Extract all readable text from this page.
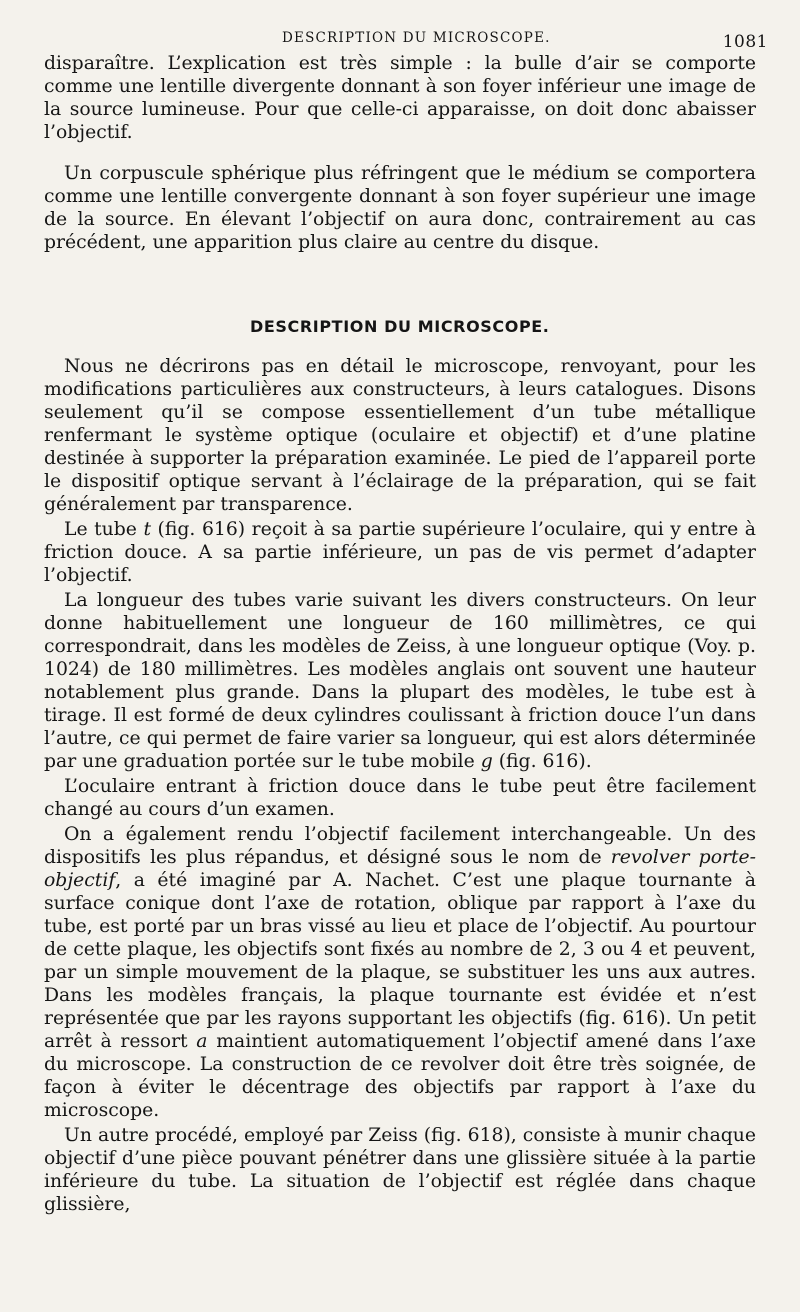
DESCRIPTION DU MICROSCOPE.	1081

disparaître. L’explication est très simple : la bulle d’air se comporte comme une lentille divergente donnant à son foyer inférieur une image de la source lumineuse. Pour que celle-ci apparaisse, on doit donc abaisser l’objectif.

Un corpuscule sphérique plus réfringent que le médium se comportera comme une lentille convergente donnant à son foyer supérieur une image de la source. En élevant l’objectif on aura donc, contrairement au cas précédent, une apparition plus claire au centre du disque.

DESCRIPTION DU MICROSCOPE.

Nous ne décrirons pas en détail le microscope, renvoyant, pour les modifications particulières aux constructeurs, à leurs catalogues. Disons seulement qu’il se compose essentiellement d’un tube métallique renfermant le système optique (oculaire et objectif) et d’une platine destinée à supporter la préparation examinée. Le pied de l’appareil porte le dispositif optique servant à l’éclairage de la préparation, qui se fait généralement par transparence.

Le tube t (fig. 616) reçoit à sa partie supérieure l’oculaire, qui y entre à friction douce. A sa partie inférieure, un pas de vis permet d’adapter l’objectif.

La longueur des tubes varie suivant les divers constructeurs. On leur donne habituellement une longueur de 160 millimètres, ce qui correspondrait, dans les modèles de Zeiss, à une longueur optique (Voy. p. 1024) de 180 millimètres. Les modèles anglais ont souvent une hauteur notablement plus grande. Dans la plupart des modèles, le tube est à tirage. Il est formé de deux cylindres coulissant à friction douce l’un dans l’autre, ce qui permet de faire varier sa longueur, qui est alors déterminée par une graduation portée sur le tube mobile g (fig. 616).

L’oculaire entrant à friction douce dans le tube peut être facilement changé au cours d’un examen.

On a également rendu l’objectif facilement interchangeable. Un des dispositifs les plus répandus, et désigné sous le nom de revolver porte-objectif, a été imaginé par A. Nachet. C’est une plaque tournante à surface conique dont l’axe de rotation, oblique par rapport à l’axe du tube, est porté par un bras vissé au lieu et place de l’objectif. Au pourtour de cette plaque, les objectifs sont fixés au nombre de 2, 3 ou 4 et peuvent, par un simple mouvement de la plaque, se substituer les uns aux autres. Dans les modèles français, la plaque tournante est évidée et n’est représentée que par les rayons supportant les objectifs (fig. 616). Un petit arrêt à ressort a maintient automatiquement l’objectif amené dans l’axe du microscope. La construction de ce revolver doit être très soignée, de façon à éviter le décentrage des objectifs par rapport à l’axe du microscope.

Un autre procédé, employé par Zeiss (fig. 618), consiste à munir chaque objectif d’une pièce pouvant pénétrer dans une glissière située à la partie inférieure du tube. La situation de l’objectif est réglée dans chaque glissière,
